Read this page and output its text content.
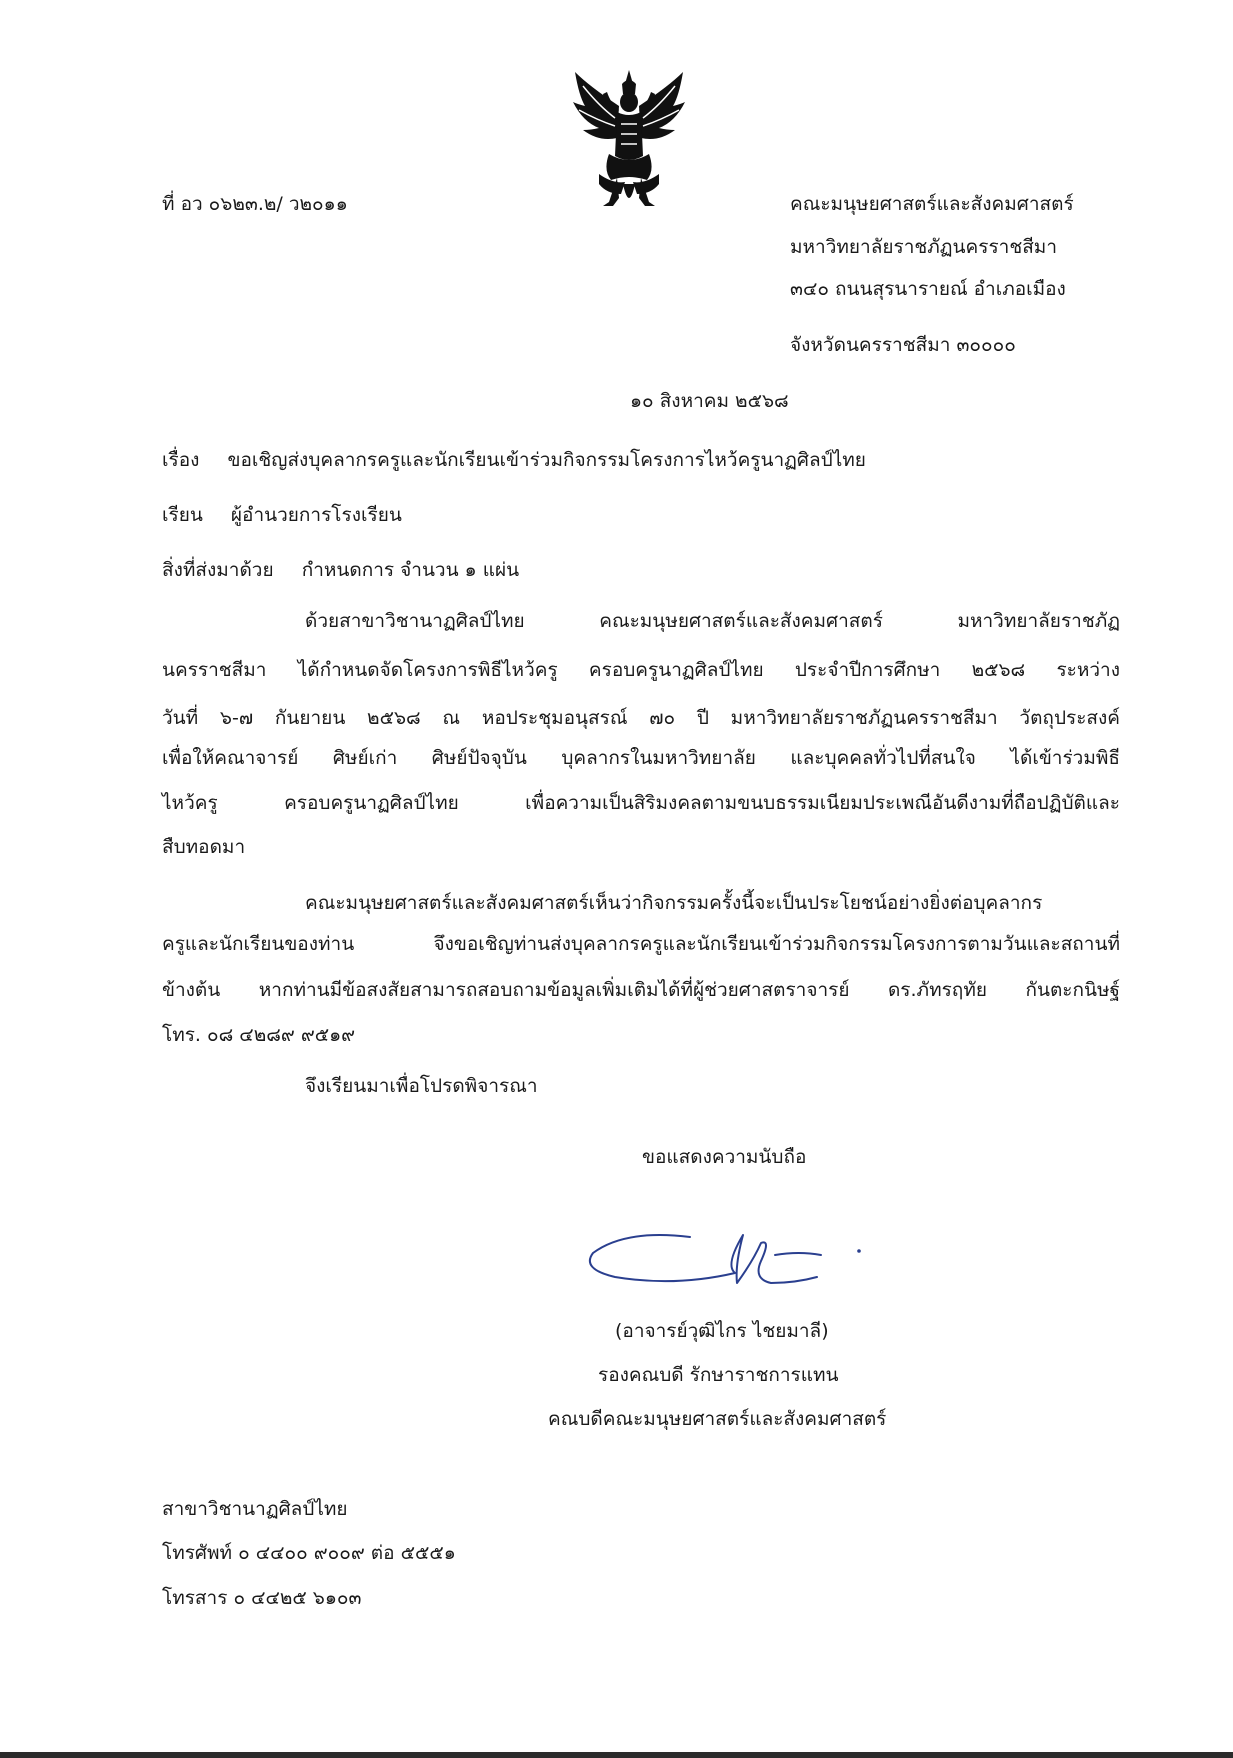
ที่ อว ๐๖๒๓.๒/ ว๒๐๑๑	คณะมนุษยศาสตร์และสังคมศาสตร์
มหาวิทยาลัยราชภัฏนครราชสีมา
๓๔๐ ถนนสุรนารายณ์ อำเภอเมือง
จังหวัดนครราชสีมา ๓๐๐๐๐
๑๐ สิงหาคม ๒๕๖๘
เรื่อง ขอเชิญส่งบุคลากรครูและนักเรียนเข้าร่วมกิจกรรมโครงการไหว้ครูนาฏศิลป์ไทย
เรียน ผู้อำนวยการโรงเรียน
สิ่งที่ส่งมาด้วย กำหนดการ จำนวน ๑ แผ่น
ด้วยสาขาวิชานาฏศิลป์ไทย คณะมนุษยศาสตร์และสังคมศาสตร์ มหาวิทยาลัยราชภัฏ
นครราชสีมา ได้กำหนดจัดโครงการพิธีไหว้ครู ครอบครูนาฏศิลป์ไทย ประจำปีการศึกษา ๒๕๖๘ ระหว่าง
วันที่ ๖-๗ กันยายน ๒๕๖๘ ณ หอประชุมอนุสรณ์ ๗๐ ปี มหาวิทยาลัยราชภัฏนครราชสีมา วัตถุประสงค์
เพื่อให้คณาจารย์ ศิษย์เก่า ศิษย์ปัจจุบัน บุคลากรในมหาวิทยาลัย และบุคคลทั่วไปที่สนใจ ได้เข้าร่วมพิธี
ไหว้ครู ครอบครูนาฏศิลป์ไทย เพื่อความเป็นสิริมงคลตามขนบธรรมเนียมประเพณีอันดีงามที่ถือปฏิบัติและ
สืบทอดมา
คณะมนุษยศาสตร์และสังคมศาสตร์เห็นว่ากิจกรรมครั้งนี้จะเป็นประโยชน์อย่างยิ่งต่อบุคลากร
ครูและนักเรียนของท่าน จึงขอเชิญท่านส่งบุคลากรครูและนักเรียนเข้าร่วมกิจกรรมโครงการตามวันและสถานที่
ข้างต้น หากท่านมีข้อสงสัยสามารถสอบถามข้อมูลเพิ่มเติมได้ที่ผู้ช่วยศาสตราจารย์ ดร.ภัทรฤทัย กันตะกนิษฐ์
โทร. ๐๘ ๔๒๘๙ ๙๕๑๙
จึงเรียนมาเพื่อโปรดพิจารณา
ขอแสดงความนับถือ
(อาจารย์วุฒิไกร ไชยมาลี)
รองคณบดี รักษาราชการแทน
คณบดีคณะมนุษยศาสตร์และสังคมศาสตร์
สาขาวิชานาฏศิลป์ไทย
โทรศัพท์ ๐ ๔๔๐๐ ๙๐๐๙ ต่อ ๕๕๕๑
โทรสาร ๐ ๔๔๒๕ ๖๑๐๓
